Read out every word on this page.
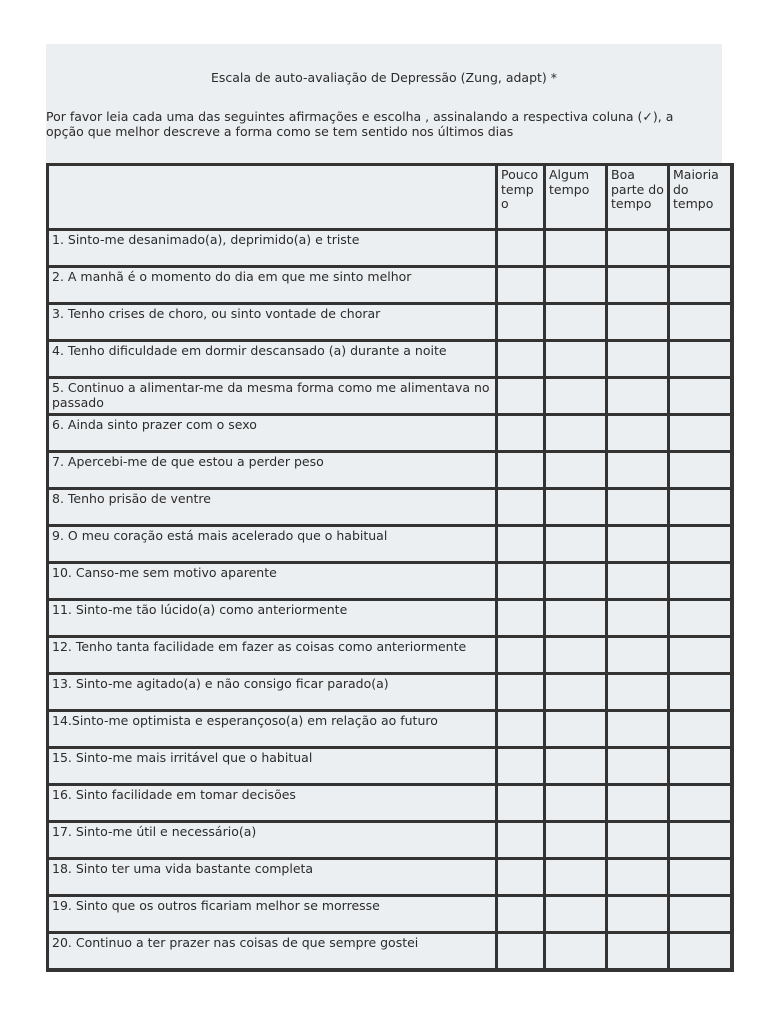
Escala de auto-avaliação de Depressão (Zung, adapt) *
Por favor leia cada uma das seguintes afirmações e escolha , assinalando a respectiva coluna (✓), a opção que melhor descreve a forma como se tem sentido nos últimos dias
	Pouco temp o	Algum tempo	Boa parte do tempo	Maioria do tempo
1. Sinto-me desanimado(a), deprimido(a) e triste				
2. A manhã é o momento do dia em que me sinto melhor				
3. Tenho crises de choro, ou sinto vontade de chorar				
4. Tenho dificuldade em dormir descansado (a) durante a noite				
5. Continuo a alimentar-me da mesma forma como me alimentava no passado				
6. Ainda sinto prazer com o sexo				
7. Apercebi-me de que estou a perder peso				
8. Tenho prisão de ventre				
9. O meu coração está mais acelerado que o habitual				
10. Canso-me sem motivo aparente				
11. Sinto-me tão lúcido(a) como anteriormente				
12. Tenho tanta facilidade em fazer as coisas como anteriormente				
13. Sinto-me agitado(a) e não consigo ficar parado(a)				
14.Sinto-me optimista e esperançoso(a) em relação ao futuro				
15. Sinto-me mais irritável que o habitual				
16. Sinto facilidade em tomar decisões				
17. Sinto-me útil e necessário(a)				
18. Sinto ter uma vida bastante completa				
19. Sinto que os outros ficariam melhor se morresse				
20. Continuo a ter prazer nas coisas de que sempre gostei				
